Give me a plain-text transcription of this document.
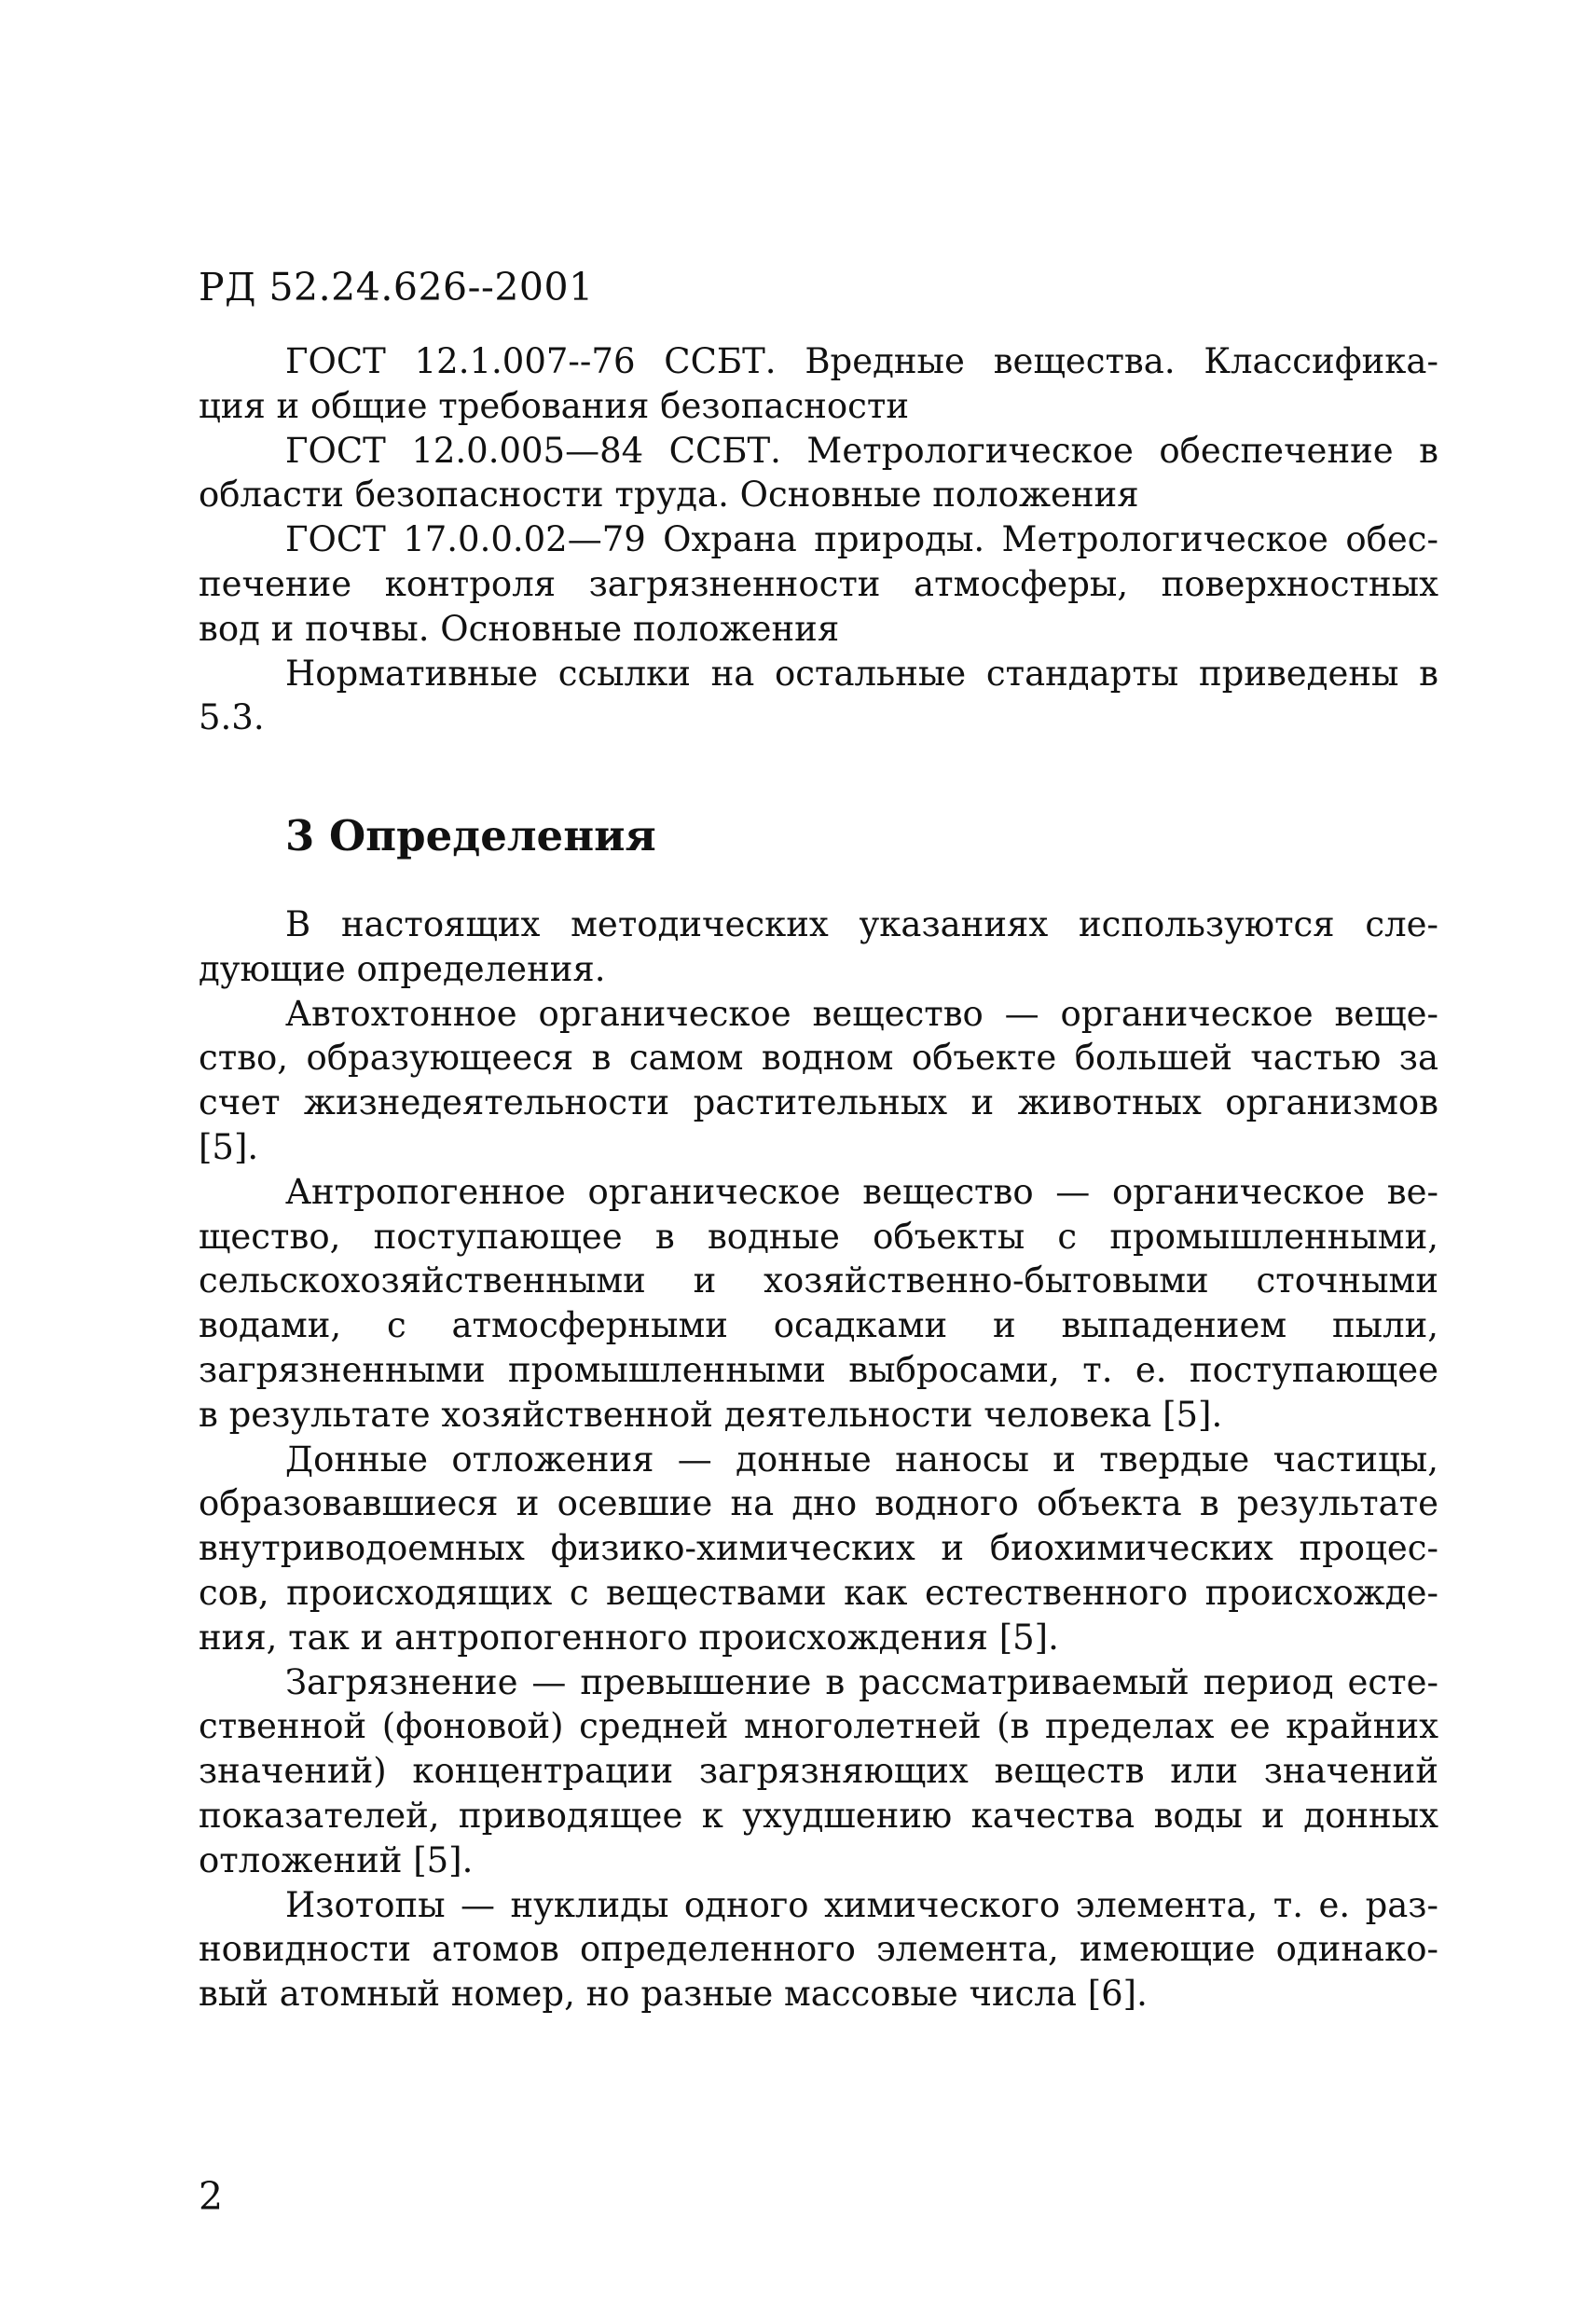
РД 52.24.626--2001
ГОСТ 12.1.007--76 ССБТ. Вредные вещества. Классифика-
ция и общие требования безопасности
ГОСТ 12.0.005—84 ССБТ. Метрологическое обеспечение в
области безопасности труда. Основные положения
ГОСТ 17.0.0.02—79 Охрана природы. Метрологическое обес-
печение контроля загрязненности атмосферы, поверхностных
вод и почвы. Основные положения
Нормативные ссылки на остальные стандарты приведены в
5.3.
3 Определения
В настоящих методических указаниях используются сле-
дующие определения.
Автохтонное органическое вещество — органическое веще-
ство, образующееся в самом водном объекте большей частью за
счет жизнедеятельности растительных и животных организмов
[5].
Антропогенное органическое вещество — органическое ве-
щество, поступающее в водные объекты с промышленными,
сельскохозяйственными и хозяйственно-бытовыми сточными
водами, с атмосферными осадками и выпадением пыли,
загрязненными промышленными выбросами, т. е. поступающее
в результате хозяйственной деятельности человека [5].
Донные отложения — донные наносы и твердые частицы,
образовавшиеся и осевшие на дно водного объекта в результате
внутриводоемных физико-химических и биохимических процес-
сов, происходящих с веществами как естественного происхожде-
ния, так и антропогенного происхождения [5].
Загрязнение — превышение в рассматриваемый период есте-
ственной (фоновой) средней многолетней (в пределах ее крайних
значений) концентрации загрязняющих веществ или значений
показателей, приводящее к ухудшению качества воды и донных
отложений [5].
Изотопы — нуклиды одного химического элемента, т. е. раз-
новидности атомов определенного элемента, имеющие одинако-
вый атомный номер, но разные массовые числа [6].
2
